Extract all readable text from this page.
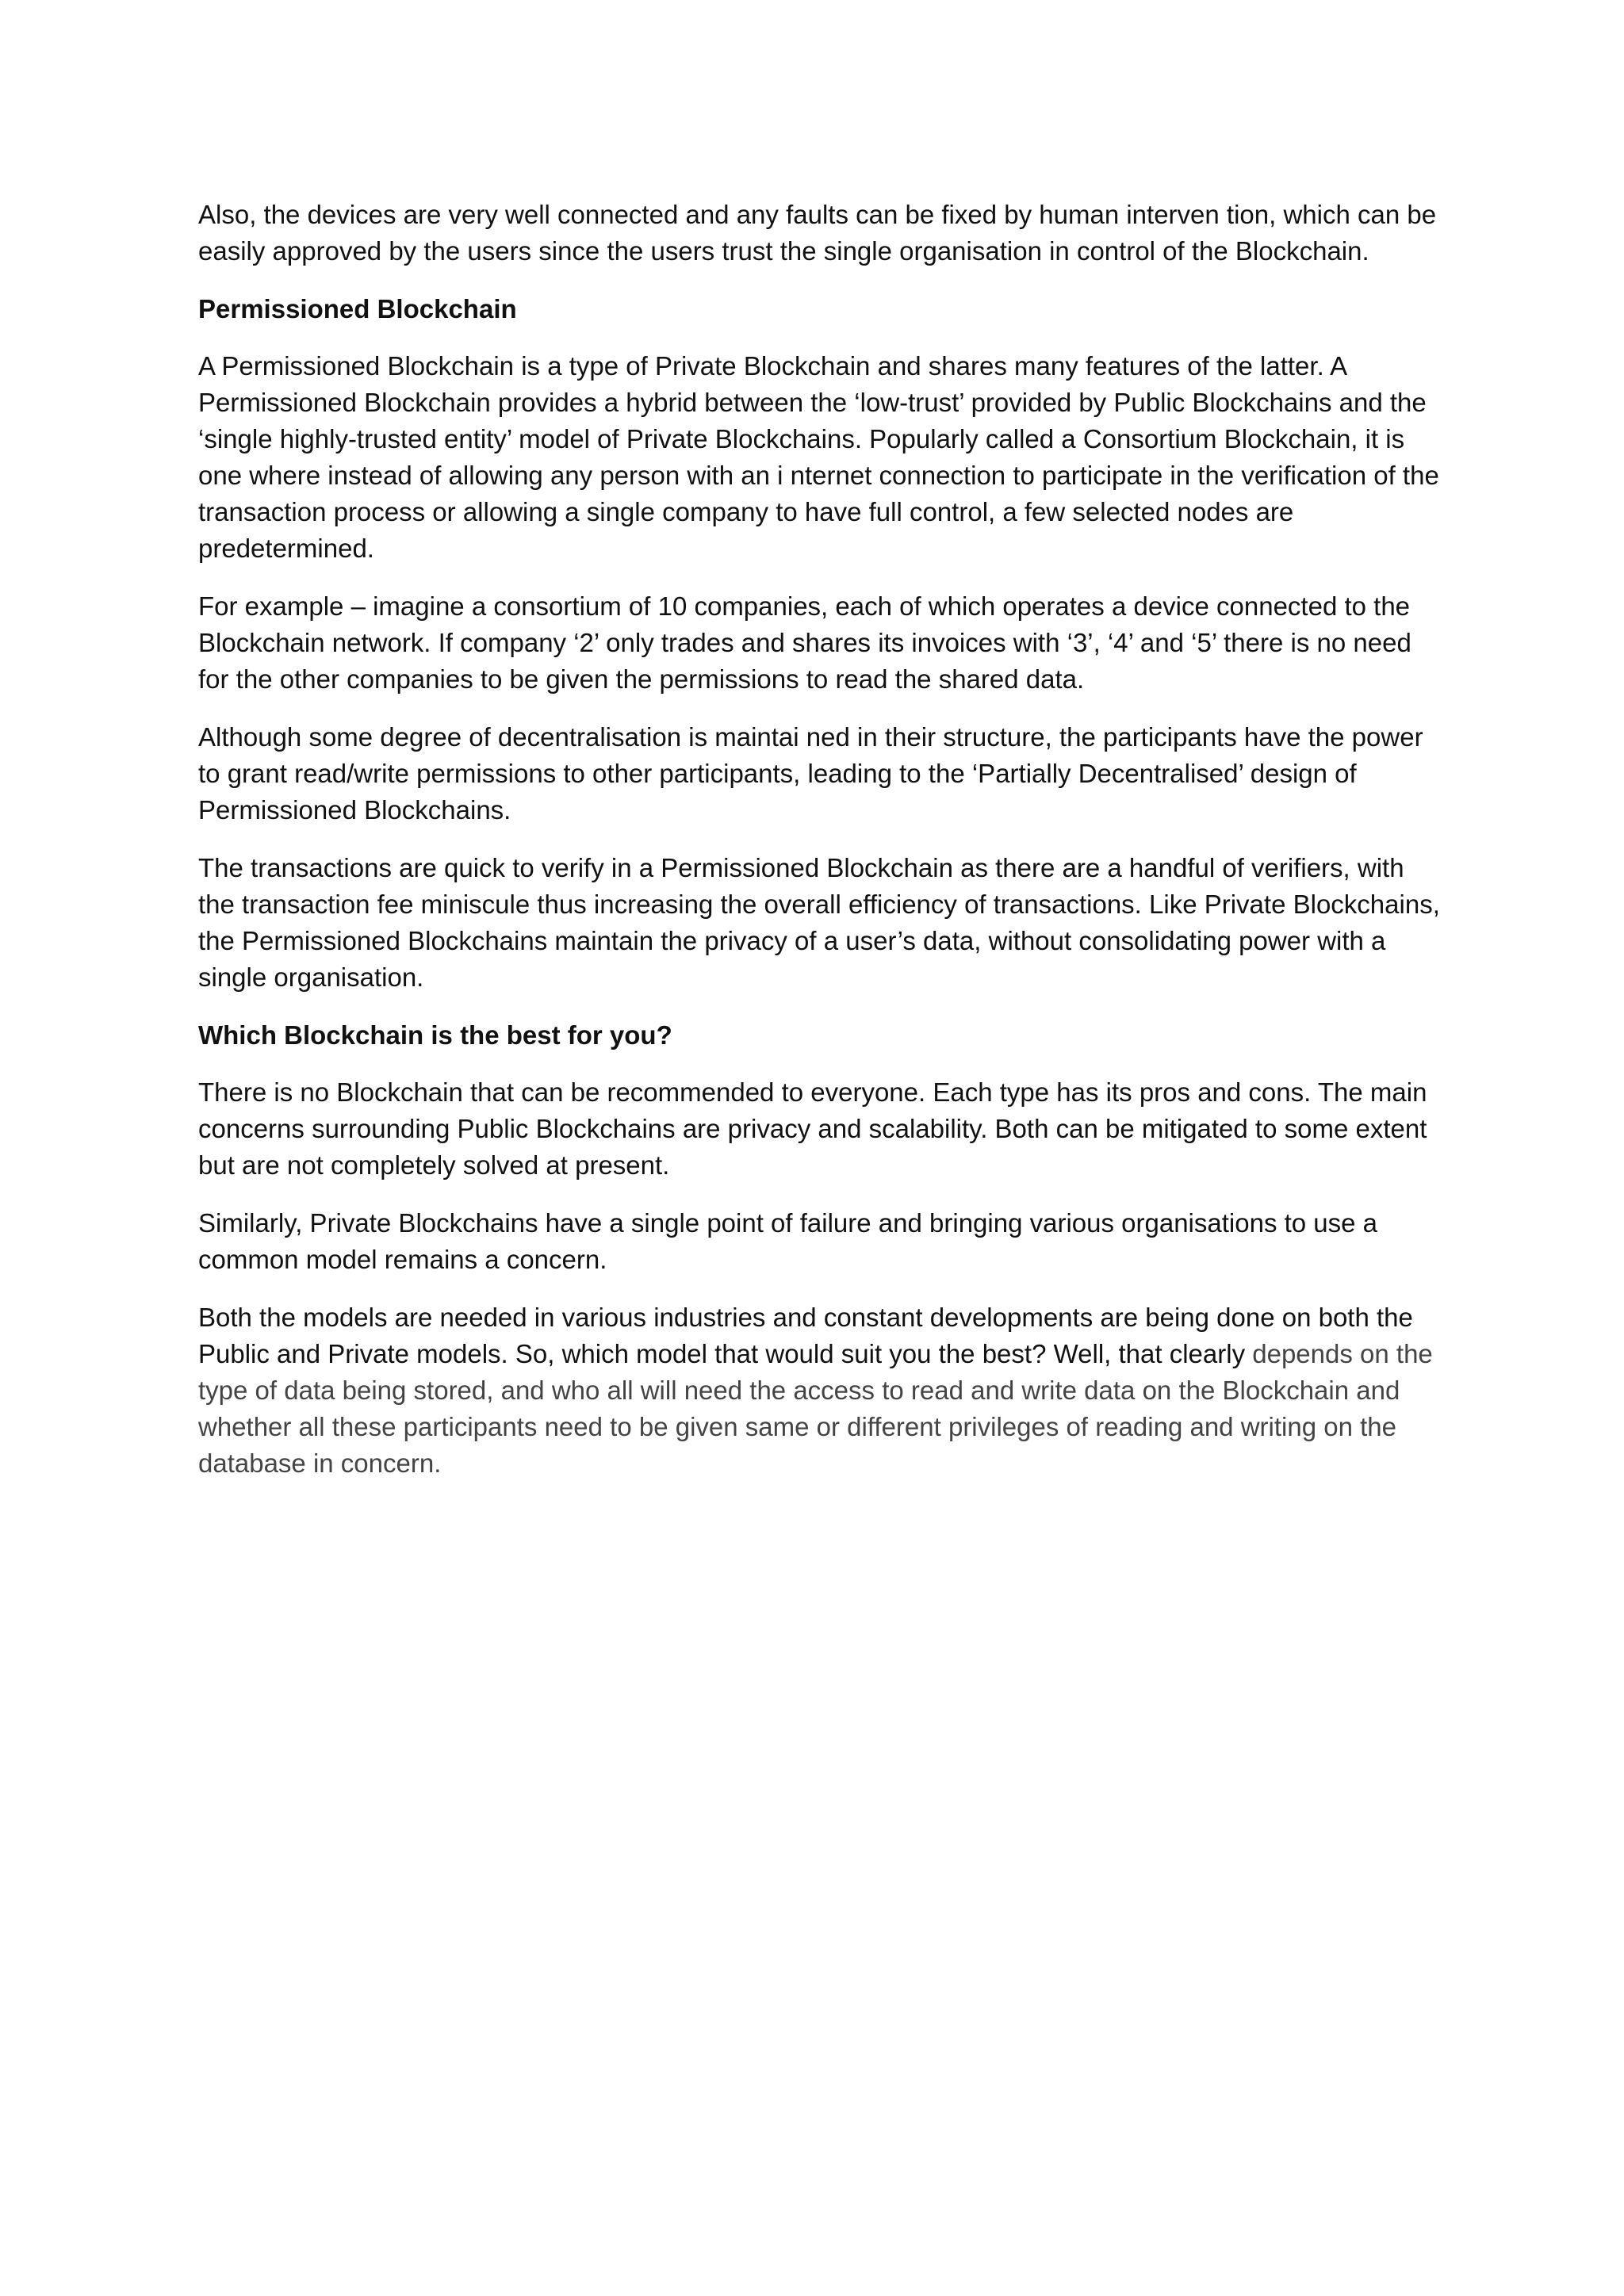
Also, the devices are very well connected and any faults can be fixed by human interven tion, which can be easily approved by the users since the users trust the single organisation in control of the Blockchain.

Permissioned Blockchain

A Permissioned Blockchain is a type of Private Blockchain and shares many features of the latter. A Permissioned Blockchain provides a hybrid between the ‘low-trust’ provided by Public Blockchains and the ‘single highly-trusted entity’ model of Private Blockchains. Popularly called a Consortium Blockchain, it is one where instead of allowing any person with an i nternet connection to participate in the verification of the transaction process or allowing a single company to have full control, a few selected nodes are predetermined.

For example – imagine a consortium of 10 companies, each of which operates a device connected to the Blockchain network. If company ‘2’ only trades and shares its invoices with ‘3’, ‘4’ and ‘5’ there is no need for the other companies to be given the permissions to read the shared data.

Although some degree of decentralisation is maintai ned in their structure, the participants have the power to grant read/write permissions to other participants, leading to the ‘Partially Decentralised’ design of Permissioned Blockchains.

The transactions are quick to verify in a Permissioned Blockchain as there are a handful of verifiers, with the transaction fee miniscule thus increasing the overall efficiency of transactions. Like Private Blockchains, the Permissioned Blockchains maintain the privacy of a user’s data, without consolidating power with a single organisation.

Which Blockchain is the best for you?

There is no Blockchain that can be recommended to everyone. Each type has its pros and cons. The main concerns surrounding Public Blockchains are privacy and scalability. Both can be mitigated to some extent but are not completely solved at present.

Similarly, Private Blockchains have a single point of failure and bringing various organisations to use a common model remains a concern.

Both the models are needed in various industries and constant developments are being done on both the Public and Private models. So, which model that would suit you the best? Well, that clearly depends on the type of data being stored, and who all will need the access to read and write data on the Blockchain and whether all these participants need to be given same or different privileges of reading and writing on the database in concern.
